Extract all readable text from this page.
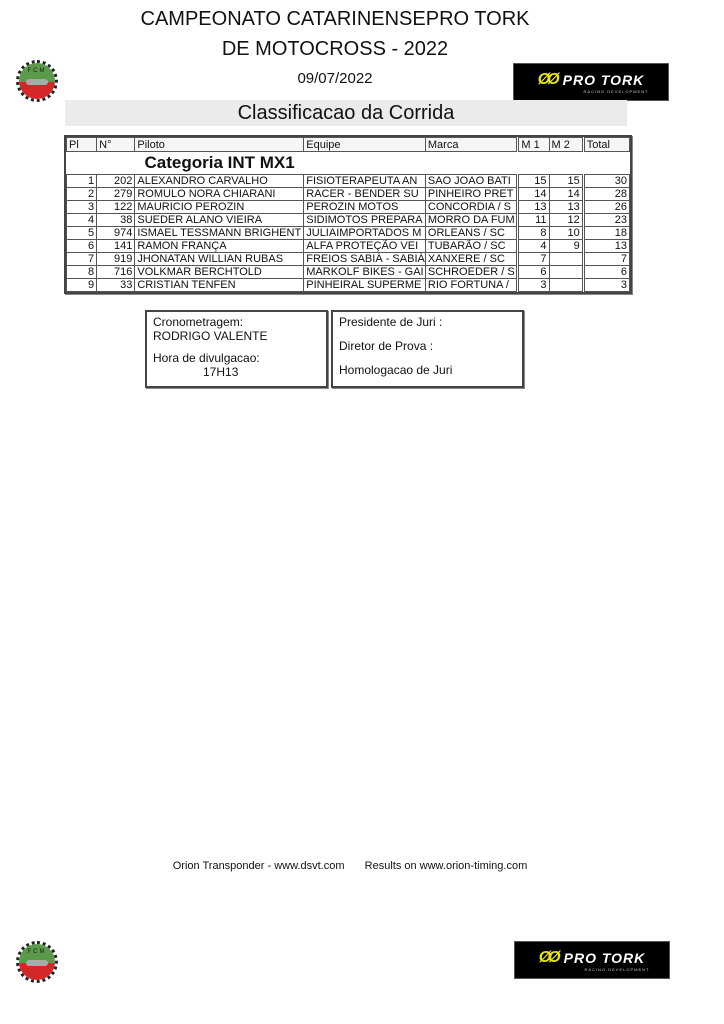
CAMPEONATO CATARINENSEPRO TORK
DE MOTOCROSS - 2022
09/07/2022
FCM	ØØ PRO TORK
RACING DEVELOPMENT
Classificacao da Corrida
Pl	N°	Piloto	Equipe	Marca	M 1	M 2	Total
Categoria INT MX1							
1	202	ALEXANDRO CARVALHO	FISIOTERAPEUTA AN	SAO JOAO BATI	15	15	30
2	279	ROMULO NORA CHIARANI	RACER - BENDER SU	PINHEIRO PRET	14	14	28
3	122	MAURICIO PEROZIN	PEROZIN MOTOS	CONCORDIA / S	13	13	26
4	38	SUEDER ALANO VIEIRA	SIDIMOTOS PREPARA	MORRO DA FUM	11	12	23
5	974	ISMAEL TESSMANN BRIGHENT	JULIAIMPORTADOS M	ORLEANS / SC	8	10	18
6	141	RAMON FRANÇA	ALFA PROTEÇÃO VEI	TUBARÃO / SC	4	9	13
7	919	JHONATAN WILLIAN RUBAS	FREIOS SABIÁ - SABIÁ	XANXERE / SC	7		7
8	716	VOLKMAR BERCHTOLD	MARKOLF BIKES - GAI	SCHROEDER / S	6		6
9	33	CRISTIAN TENFEN	PINHEIRAL SUPERME	RIO FORTUNA /	3		3
Cronometragem:
RODRIGO VALENTE
Hora de divulgacao:
17H13
Presidente de Juri :
Diretor de Prova :
Homologacao de Juri
Orion Transponder - www.dsvt.com Results on www.orion-timing.com
FCM	ØØ PRO TORK
RACING DEVELOPMENT
